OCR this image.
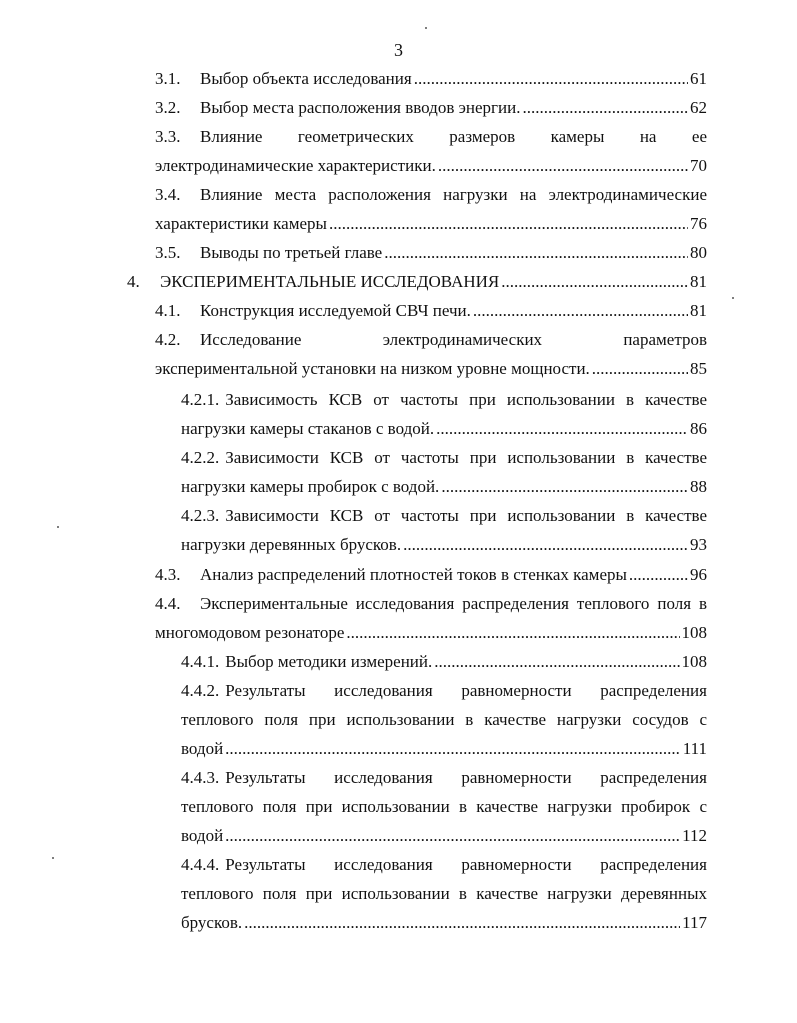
3
3.1.	Выбор объекта исследования .....	61
3.2.	Выбор места расположения вводов энергии. .....	62
3.3.	Влияние геометрических размеров камеры на ее
электродинамические характеристики. .....	70
3.4.	Влияние места расположения нагрузки на электродинамические
характеристики камеры .....	76
3.5.	Выводы по третьей главе .....	80
4.	ЭКСПЕРИМЕНТАЛЬНЫЕ ИССЛЕДОВАНИЯ .....	81
4.1.	Конструкция исследуемой СВЧ печи. .....	81
4.2.	Исследование	электродинамических	параметров
экспериментальной установки на низком уровне мощности. .....	85
4.2.1. Зависимость КСВ от частоты при использовании в качестве
нагрузки камеры стаканов с водой. .....	86
4.2.2. Зависимости КСВ от частоты при использовании в качестве
нагрузки камеры пробирок с водой. .....	88
4.2.3. Зависимости КСВ от частоты при использовании в качестве
нагрузки деревянных брусков. .....	93
4.3.	Анализ распределений плотностей токов в стенках камеры .....	96
4.4.	Экспериментальные исследования распределения теплового поля в
многомодовом резонаторе .....	108
4.4.1. Выбор методики измерений. .....	108
4.4.2. Результаты исследования равномерности распределения
теплового поля при использовании в качестве нагрузки сосудов с
водой .....	111
4.4.3. Результаты исследования равномерности распределения
теплового поля при использовании в качестве нагрузки пробирок с
водой .....	112
4.4.4. Результаты исследования равномерности распределения
теплового поля при использовании в качестве нагрузки деревянных
брусков. .....	117
